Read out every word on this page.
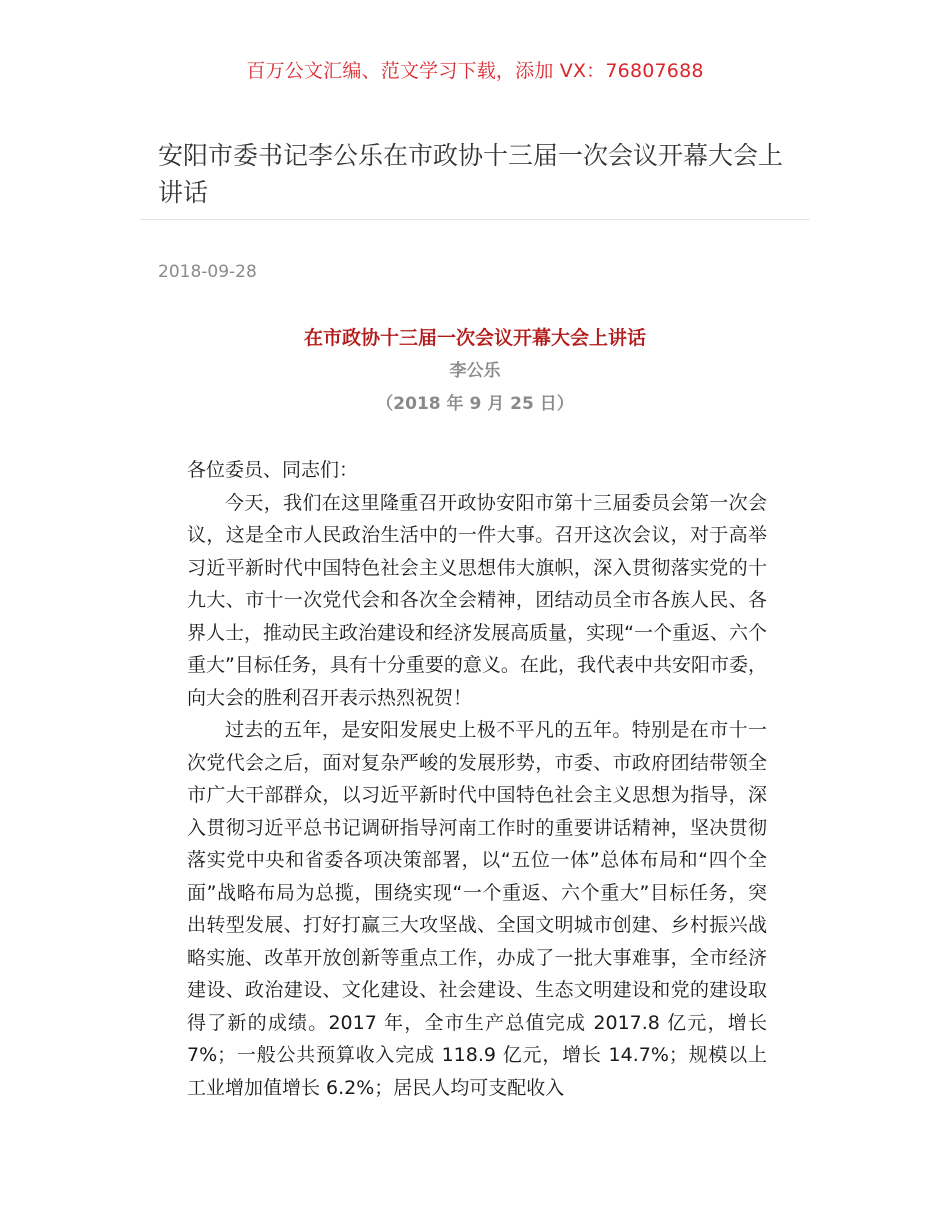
百万公文汇编、范文学习下载，添加 VX：76807688
安阳市委书记李公乐在市政协十三届一次会议开幕大会上讲话
2018-09-28
在市政协十三届一次会议开幕大会上讲话
李公乐
（2018 年 9 月 25 日）

各位委员、同志们：

今天，我们在这里隆重召开政协安阳市第十三届委员会第一次会议，这是全市人民政治生活中的一件大事。召开这次会议，对于高举习近平新时代中国特色社会主义思想伟大旗帜，深入贯彻落实党的十九大、市十一次党代会和各次全会精神，团结动员全市各族人民、各界人士，推动民主政治建设和经济发展高质量，实现“一个重返、六个重大”目标任务，具有十分重要的意义。在此，我代表中共安阳市委，向大会的胜利召开表示热烈祝贺！

过去的五年，是安阳发展史上极不平凡的五年。特别是在市十一次党代会之后，面对复杂严峻的发展形势，市委、市政府团结带领全市广大干部群众，以习近平新时代中国特色社会主义思想为指导，深入贯彻习近平总书记调研指导河南工作时的重要讲话精神，坚决贯彻落实党中央和省委各项决策部署，以“五位一体”总体布局和“四个全面”战略布局为总揽，围绕实现“一个重返、六个重大”目标任务，突出转型发展、打好打赢三大攻坚战、全国文明城市创建、乡村振兴战略实施、改革开放创新等重点工作，办成了一批大事难事，全市经济建设、政治建设、文化建设、社会建设、生态文明建设和党的建设取得了新的成绩。2017 年，全市生产总值完成 2017.8 亿元，增长 7%；一般公共预算收入完成 118.9 亿元，增长 14.7%；规模以上工业增加值增长 6.2%；居民人均可支配收入
